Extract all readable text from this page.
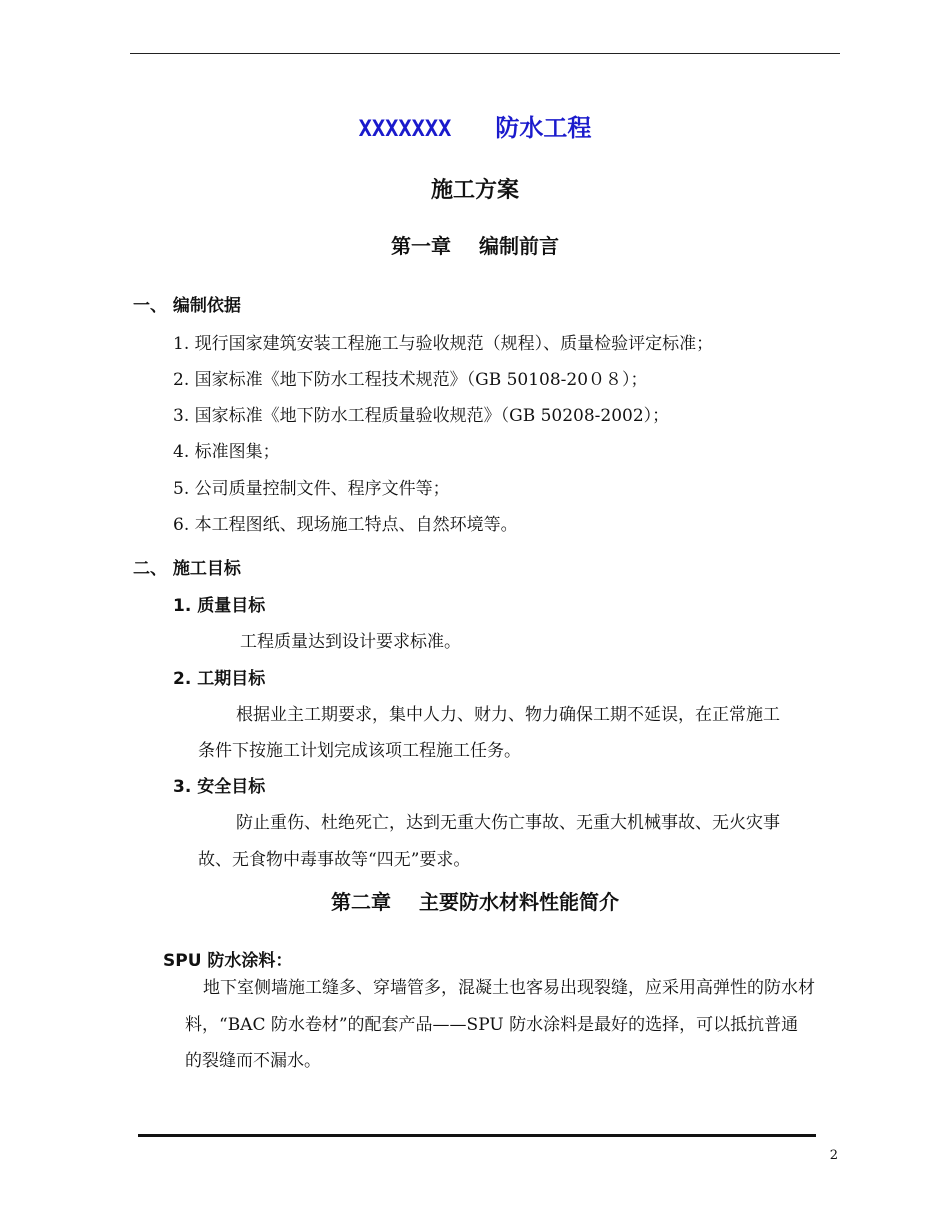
XXXXXXX 防水工程
施工方案
第一章 编制前言
一、 编制依据
1. 现行国家建筑安装工程施工与验收规范（规程）、质量检验评定标准；
2. 国家标准《地下防水工程技术规范》（GB 50108-20０８）；
3. 国家标准《地下防水工程质量验收规范》（GB 50208-2002）；
4. 标准图集；
5. 公司质量控制文件、程序文件等；
6. 本工程图纸、现场施工特点、自然环境等。
二、 施工目标
1. 质量目标
工程质量达到设计要求标准。
2. 工期目标
根据业主工期要求，集中人力、财力、物力确保工期不延误，在正常施工
条件下按施工计划完成该项工程施工任务。
3. 安全目标
防止重伤、杜绝死亡，达到无重大伤亡事故、无重大机械事故、无火灾事
故、无食物中毒事故等“四无”要求。
第二章 主要防水材料性能简介
SPU 防水涂料：
地下室侧墙施工缝多、穿墙管多，混凝土也客易出现裂缝，应采用高弹性的防水材
料，“BAC 防水卷材”的配套产品——SPU 防水涂料是最好的选择，可以抵抗普通
的裂缝而不漏水。
2
